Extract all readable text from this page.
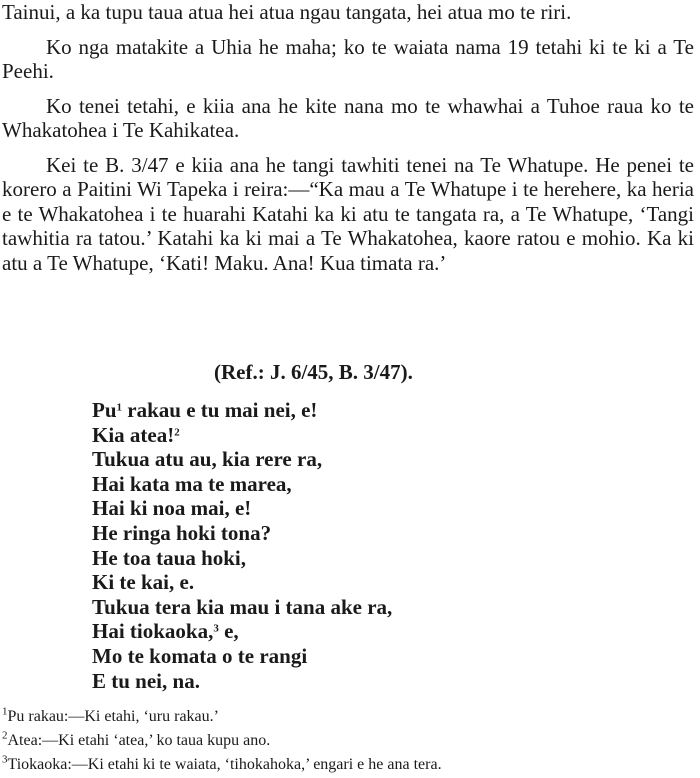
Tainui, a ka tupu taua atua hei atua ngau tangata, hei atua mo te riri.

Ko nga matakite a Uhia he maha; ko te waiata nama 19 tetahi ki te ki a Te Peehi.

Ko tenei tetahi, e kiia ana he kite nana mo te whawhai a Tuhoe raua ko te Whakatohea i Te Kahikatea.

Kei te B. 3/47 e kiia ana he tangi tawhiti tenei na Te Whatupe. He penei te korero a Paitini Wi Tapeka i reira:—“Ka mau a Te Whatupe i te herehere, ka heria e te Whakatohea i te huarahi Katahi ka ki atu te tangata ra, a Te Whatupe, ‘Tangi tawhitia ra tatou.’ Katahi ka ki mai a Te Whakatohea, kaore ratou e mohio. Ka ki atu a Te Whatupe, ‘Kati! Maku. Ana! Kua timata ra.’

(Ref.: J. 6/45, B. 3/47).
Pu$^1$ rakau e tu mai nei, e!
Kia atea!$^2$
Tukua atu au, kia rere ra,
Hai kata ma te marea,
Hai ki noa mai, e!
He ringa hoki tona?
He toa taua hoki,
Ki te kai, e.
Tukua tera kia mau i tana ake ra,
Hai tiokaoka,$^3$ e,
Mo te komata o te rangi
E tu nei, na.
$^1$Pu rakau:—Ki etahi, ‘uru rakau.’
$^2$Atea:—Ki etahi ‘atea,’ ko taua kupu ano.
$^3$Tiokaoka:—Ki etahi ki te waiata, ‘tihokahoka,’ engari e he ana tera.
